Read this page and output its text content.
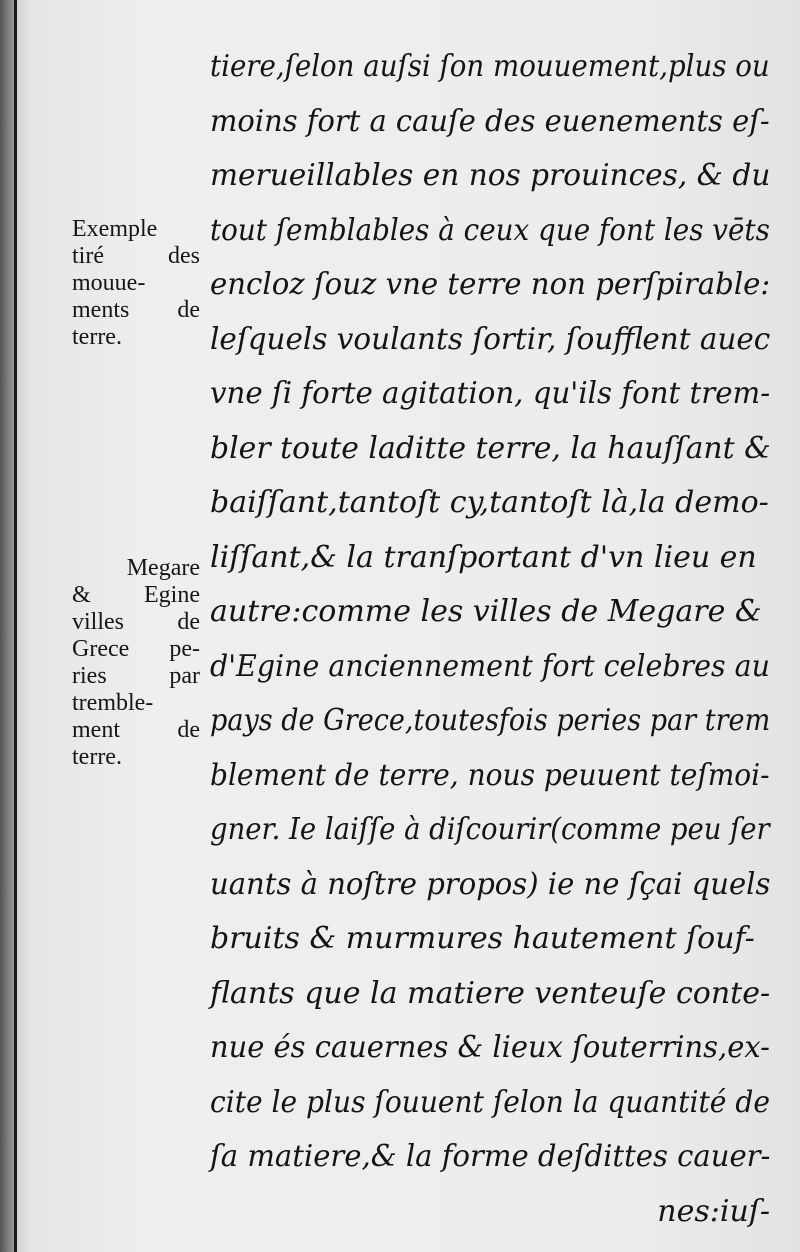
tiere,ſelon auſsi ſon mouuement,plus ou
moins fort a cauſe des euenements eſ-
merueillables en nos prouinces, & du
tout ſemblables à ceux que font les vēts
encloz ſouz vne terre non perſpirable:
leſquels voulants ſortir, ſoufflent auec
vne ſi forte agitation, qu'ils font trem-
bler toute laditte terre, la hauſſant &
baiſſant,tantoſt cy,tantoſt là,la demo-
liſſant,& la tranſportant d'vn lieu en
autre:comme les villes de Megare &
d'Egine anciennement fort celebres au
pays de Grece,toutesfois peries par trem
blement de terre, nous peuuent teſmoi-
gner. Ie laiſſe à diſcourir(comme peu ſer
uants à noſtre propos) ie ne ſçai quels
bruits & murmures hautement ſouf-
flants que la matiere venteuſe conte-
nue és cauernes & lieux ſouterrins,ex-
cite le plus ſouuent ſelon la quantité de
ſa matiere,& la forme deſdittes cauer-
nes:iuſ-
Exemple
tiré des
mouue-
ments de
terre.
Megare
& Egine
villes de
Grece pe-
ries par
tremble-
ment de
terre.
